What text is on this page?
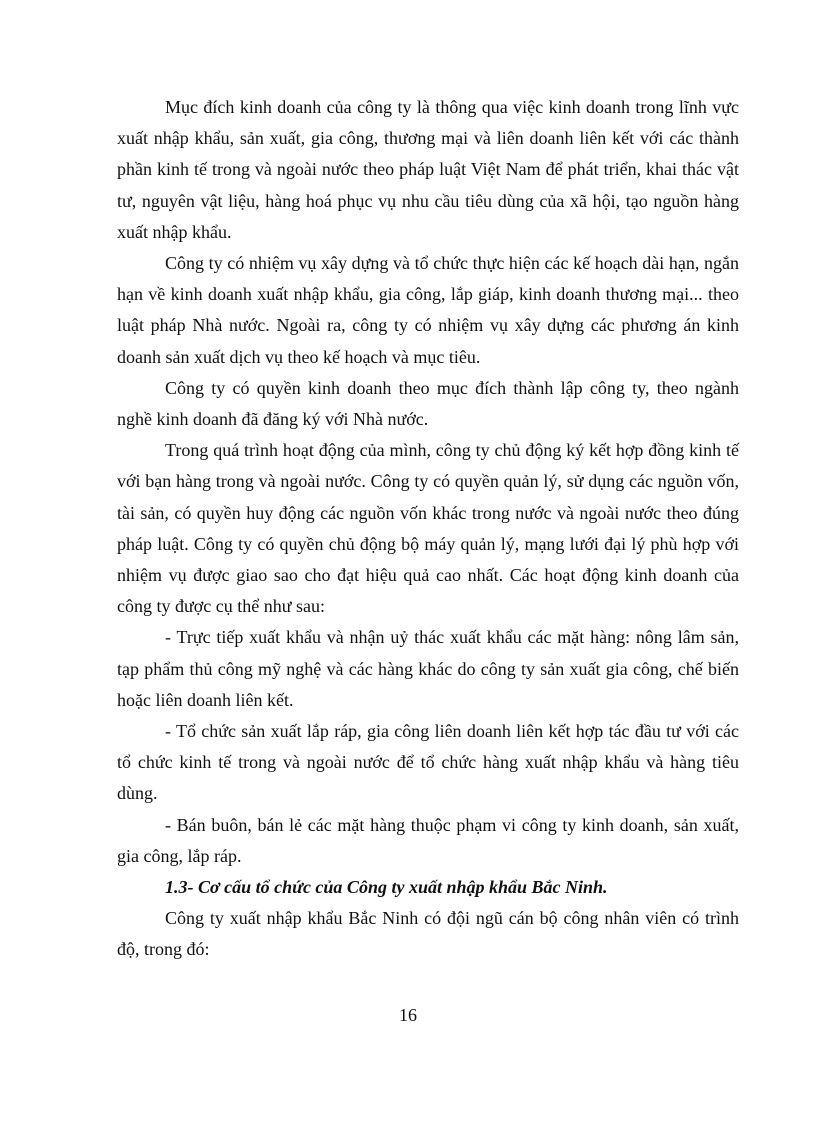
Mục đích kinh doanh của công ty là thông qua việc kinh doanh trong lĩnh vực xuất nhập khẩu, sản xuất, gia công, thương mại và liên doanh liên kết với các thành phần kinh tế trong và ngoài nước theo pháp luật Việt Nam để phát triển, khai thác vật tư, nguyên vật liệu, hàng hoá phục vụ nhu cầu tiêu dùng của xã hội, tạo nguồn hàng xuất nhập khẩu.

Công ty có nhiệm vụ xây dựng và tổ chức thực hiện các kế hoạch dài hạn, ngắn hạn về kinh doanh xuất nhập khẩu, gia công, lắp giáp, kinh doanh thương mại... theo luật pháp Nhà nước. Ngoài ra, công ty có nhiệm vụ xây dựng các phương án kinh doanh sản xuất dịch vụ theo kế hoạch và mục tiêu.

Công ty có quyền kinh doanh theo mục đích thành lập công ty, theo ngành nghề kinh doanh đã đăng ký với Nhà nước.

Trong quá trình hoạt động của mình, công ty chủ động ký kết hợp đồng kinh tế với bạn hàng trong và ngoài nước. Công ty có quyền quản lý, sử dụng các nguồn vốn, tài sản, có quyền huy động các nguồn vốn khác trong nước và ngoài nước theo đúng pháp luật. Công ty có quyền chủ động bộ máy quản lý, mạng lưới đại lý phù hợp với nhiệm vụ được giao sao cho đạt hiệu quả cao nhất. Các hoạt động kinh doanh của công ty được cụ thể như sau:

- Trực tiếp xuất khẩu và nhận uỷ thác xuất khẩu các mặt hàng: nông lâm sản, tạp phẩm thủ công mỹ nghệ và các hàng khác do công ty sản xuất gia công, chế biến hoặc liên doanh liên kết.

- Tổ chức sản xuất lắp ráp, gia công liên doanh liên kết hợp tác đầu tư với các tổ chức kinh tế trong và ngoài nước để tổ chức hàng xuất nhập khẩu và hàng tiêu dùng.

- Bán buôn, bán lẻ các mặt hàng thuộc phạm vi công ty kinh doanh, sản xuất, gia công, lắp ráp.

1.3- Cơ cấu tổ chức của Công ty xuất nhập khẩu Bắc Ninh.

Công ty xuất nhập khẩu Bắc Ninh có đội ngũ cán bộ công nhân viên có trình độ, trong đó:

16
